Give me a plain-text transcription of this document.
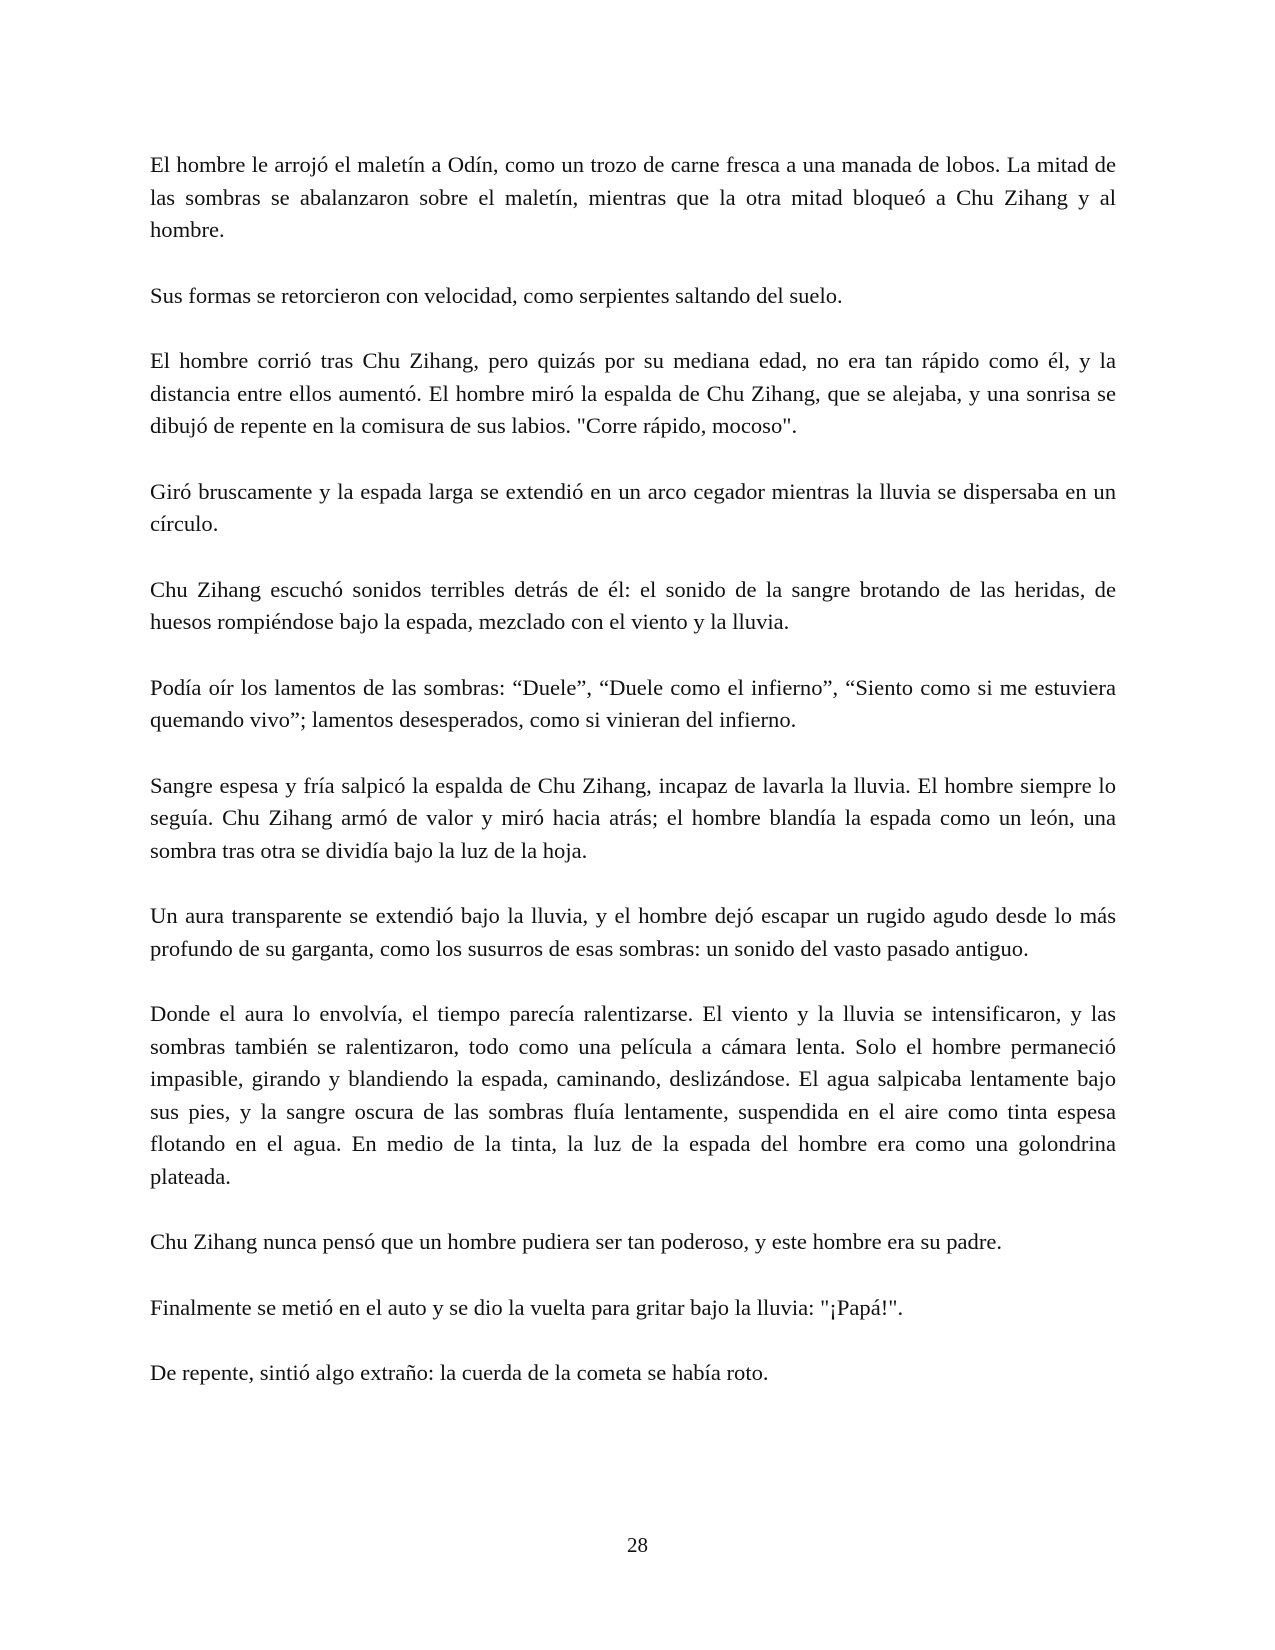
El hombre le arrojó el maletín a Odín, como un trozo de carne fresca a una manada de lobos. La mitad de las sombras se abalanzaron sobre el maletín, mientras que la otra mitad bloqueó a Chu Zihang y al hombre.

Sus formas se retorcieron con velocidad, como serpientes saltando del suelo.

El hombre corrió tras Chu Zihang, pero quizás por su mediana edad, no era tan rápido como él, y la distancia entre ellos aumentó. El hombre miró la espalda de Chu Zihang, que se alejaba, y una sonrisa se dibujó de repente en la comisura de sus labios. "Corre rápido, mocoso".

Giró bruscamente y la espada larga se extendió en un arco cegador mientras la lluvia se dispersaba en un círculo.

Chu Zihang escuchó sonidos terribles detrás de él: el sonido de la sangre brotando de las heridas, de huesos rompiéndose bajo la espada, mezclado con el viento y la lluvia.

Podía oír los lamentos de las sombras: “Duele”, “Duele como el infierno”, “Siento como si me estuviera quemando vivo”; lamentos desesperados, como si vinieran del infierno.

Sangre espesa y fría salpicó la espalda de Chu Zihang, incapaz de lavarla la lluvia. El hombre siempre lo seguía. Chu Zihang armó de valor y miró hacia atrás; el hombre blandía la espada como un león, una sombra tras otra se dividía bajo la luz de la hoja.

Un aura transparente se extendió bajo la lluvia, y el hombre dejó escapar un rugido agudo desde lo más profundo de su garganta, como los susurros de esas sombras: un sonido del vasto pasado antiguo.

Donde el aura lo envolvía, el tiempo parecía ralentizarse. El viento y la lluvia se intensificaron, y las sombras también se ralentizaron, todo como una película a cámara lenta. Solo el hombre permaneció impasible, girando y blandiendo la espada, caminando, deslizándose. El agua salpicaba lentamente bajo sus pies, y la sangre oscura de las sombras fluía lentamente, suspendida en el aire como tinta espesa flotando en el agua. En medio de la tinta, la luz de la espada del hombre era como una golondrina plateada.

Chu Zihang nunca pensó que un hombre pudiera ser tan poderoso, y este hombre era su padre.

Finalmente se metió en el auto y se dio la vuelta para gritar bajo la lluvia: "¡Papá!".

De repente, sintió algo extraño: la cuerda de la cometa se había roto.

28
